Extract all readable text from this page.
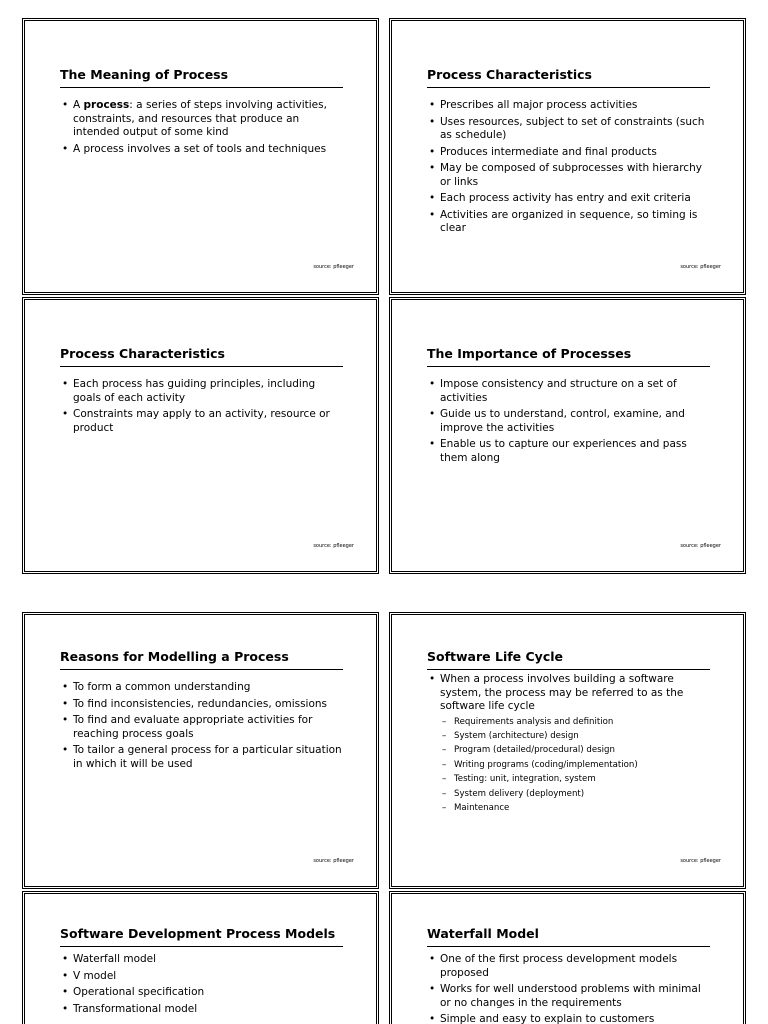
The Meaning of Process
• A process: a series of steps involving activities, constraints, and resources that produce an intended output of some kind
• A process involves a set of tools and techniques
source: pfleeger
Process Characteristics
• Prescribes all major process activities
• Uses resources, subject to set of constraints (such as schedule)
• Produces intermediate and final products
• May be composed of subprocesses with hierarchy or links
• Each process activity has entry and exit criteria
• Activities are organized in sequence, so timing is clear
source: pfleeger
Process Characteristics
• Each process has guiding principles, including goals of each activity
• Constraints may apply to an activity, resource or product
source: pfleeger
The Importance of Processes
• Impose consistency and structure on a set of activities
• Guide us to understand, control, examine, and improve the activities
• Enable us to capture our experiences and pass them along
source: pfleeger
Reasons for Modelling a Process
• To form a common understanding
• To find inconsistencies, redundancies, omissions
• To find and evaluate appropriate activities for reaching process goals
• To tailor a general process for a particular situation in which it will be used
source: pfleeger
Software Life Cycle
• When a process involves building a software system, the process may be referred to as the software life cycle
– Requirements analysis and definition
– System (architecture) design
– Program (detailed/procedural) design
– Writing programs (coding/implementation)
– Testing: unit, integration, system
– System delivery (deployment)
– Maintenance
source: pfleeger
Software Development Process Models
• Waterfall model
• V model
• Operational specification
• Transformational model
Waterfall Model
• One of the first process development models proposed
• Works for well understood problems with minimal or no changes in the requirements
• Simple and easy to explain to customers
